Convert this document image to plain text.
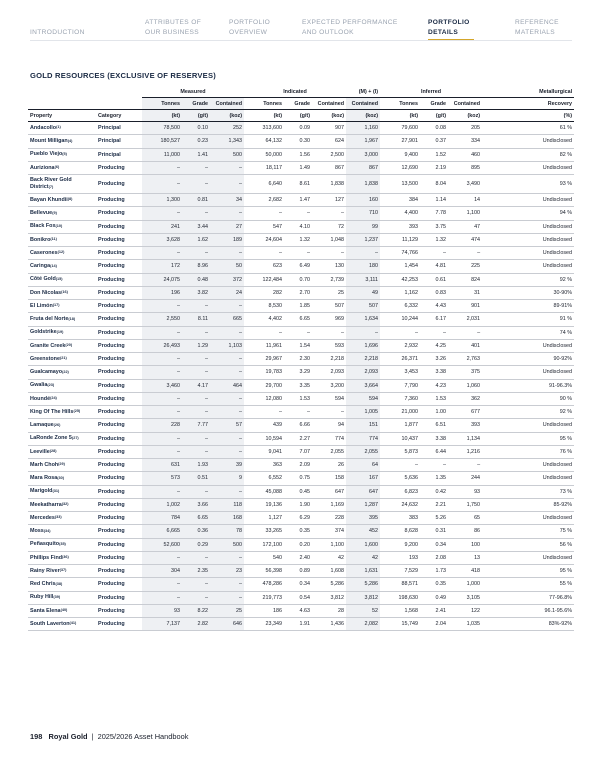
INTRODUCTION
ATTRIBUTES OF
OUR BUSINESS
PORTFOLIO
OVERVIEW
EXPECTED PERFORMANCE
AND OUTLOOK
PORTFOLIO
DETAILS
REFERENCE
MATERIALS
GOLD RESOURCES (EXCLUSIVE OF RESERVES)
		Measured			Indicated			(M) + (I)	Inferred			Metallurgical
		Tonnes	Grade	Contained	Tonnes	Grade	Contained	Contained	Tonnes	Grade	Contained	Recovery
Property	Category	(kt)	(g/t)	(koz)	(kt)	(g/t)	(koz)	(koz)	(kt)	(g/t)	(koz)	(%)
Andacollo$^{(1)}$	Principal	78,500	0.10	252	313,600	0.09	907	1,160	79,600	0.08	205	61 %
Mount Milligan$^{(4)}$	Principal	180,527	0.23	1,343	64,132	0.30	624	1,967	27,901	0.37	334	Undisclosed
Pueblo Viejo$^{(5)}$	Principal	11,000	1.41	500	50,000	1.56	2,500	3,000	9,400	1.52	460	82 %
Auriziona$^{(6)}$	Producing	–	–	–	18,117	1.49	867	867	12,690	2.19	895	Undisclosed
Back River Gold District$^{(7)}$	Producing	–	–	–	6,640	8.61	1,838	1,838	13,500	8.04	3,490	93 %
Bayan Khundii$^{(8)}$	Producing	1,300	0.81	34	2,682	1.47	127	160	384	1.14	14	Undisclosed
Bellevue$^{(9)}$	Producing	–	–	–	–	–	–	710	4,400	7.78	1,100	94 %
Black Fox$^{(10)}$	Producing	241	3.44	27	547	4.10	72	99	393	3.75	47	Undisclosed
Bonikro$^{(11)}$	Producing	3,628	1.62	189	24,604	1.32	1,048	1,237	11,129	1.32	474	Undisclosed
Caserones$^{(12)}$	Producing	–	–	–	–	–	–	–	74,766	–	–	Undisclosed
Caringa$^{(14)}$	Producing	172	8.96	50	623	6.49	130	180	1,454	4.81	225	Undisclosed
Côté Gold$^{(15)}$	Producing	24,075	0.48	372	122,484	0.70	2,739	3,111	42,253	0.61	824	92 %
Don Nicolas$^{(16)}$	Producing	196	3.82	24	282	2.70	25	49	1,162	0.83	31	30-90%
El Limón$^{(17)}$	Producing	–	–	–	8,530	1.85	507	507	6,332	4.43	901	89-91%
Fruta del Norte$^{(18)}$	Producing	2,550	8.11	665	4,402	6.65	969	1,634	10,244	6.17	2,031	91 %
Goldstrike$^{(19)}$	Producing	–	–	–	–	–	–	–	–	–	–	74 %
Granite Creek$^{(20)}$	Producing	26,493	1.29	1,103	11,961	1.54	593	1,696	2,932	4.25	401	Undisclosed
Greenstone$^{(21)}$	Producing	–	–	–	29,967	2.30	2,218	2,218	26,371	3.26	2,763	90-92%
Gualcamayo$^{(22)}$	Producing	–	–	–	19,783	3.29	2,093	2,093	3,453	3.38	375	Undisclosed
Gwalia$^{(23)}$	Producing	3,460	4.17	464	29,700	3.35	3,200	3,664	7,790	4.23	1,060	91-96.3%
Houndé$^{(24)}$	Producing	–	–	–	12,080	1.53	594	594	7,360	1.53	362	90 %
King Of The Hills$^{(25)}$	Producing	–	–	–	–	–	–	1,005	21,000	1.00	677	92 %
Lamaque$^{(26)}$	Producing	228	7.77	57	439	6.66	94	151	1,877	6.51	393	Undisclosed
LaRonde Zone 5$^{(27)}$	Producing	–	–	–	10,594	2.27	774	774	10,437	3.38	1,134	95 %
Leeville$^{(28)}$	Producing	–	–	–	9,041	7.07	2,055	2,055	5,873	6.44	1,216	76 %
Marh Choh$^{(29)}$	Producing	631	1.93	39	363	2.09	26	64	–	–	–	Undisclosed
Mara Rosa$^{(30)}$	Producing	573	0.51	9	6,552	0.75	158	167	5,636	1.35	244	Undisclosed
Marigold$^{(31)}$	Producing	–	–	–	45,088	0.45	647	647	6,823	0.42	93	73 %
Meekatharra$^{(32)}$	Producing	1,002	3.66	118	19,136	1.90	1,169	1,287	24,632	2.21	1,750	85-92%
Mercedes$^{(33)}$	Producing	784	6.65	168	1,127	6.29	228	395	383	5.26	65	Undisclosed
Moss$^{(34)}$	Producing	6,665	0.36	78	33,265	0.35	374	452	8,628	0.31	86	75 %
Peñasquito$^{(35)}$	Producing	52,600	0.29	500	172,100	0.20	1,100	1,600	9,200	0.34	100	56 %
Phillips Find$^{(36)}$	Producing	–	–	–	540	2.40	42	42	193	2.08	13	Undisclosed
Rainy River$^{(37)}$	Producing	304	2.35	23	56,398	0.89	1,608	1,631	7,529	1.73	418	95 %
Red Chris$^{(38)}$	Producing	–	–	–	478,286	0.34	5,286	5,286	88,571	0.35	1,000	55 %
Ruby Hill$^{(39)}$	Producing	–	–	–	219,773	0.54	3,812	3,812	198,630	0.49	3,105	77-96.8%
Santa Elena$^{(40)}$	Producing	93	8.22	25	186	4.63	28	52	1,568	2.41	122	96.1-95.6%
South Laverton$^{(41)}$	Producing	7,137	2.82	646	23,349	1.91	1,436	2,082	15,749	2.04	1,035	83%-92%
198 Royal Gold | 2025/2026 Asset Handbook
